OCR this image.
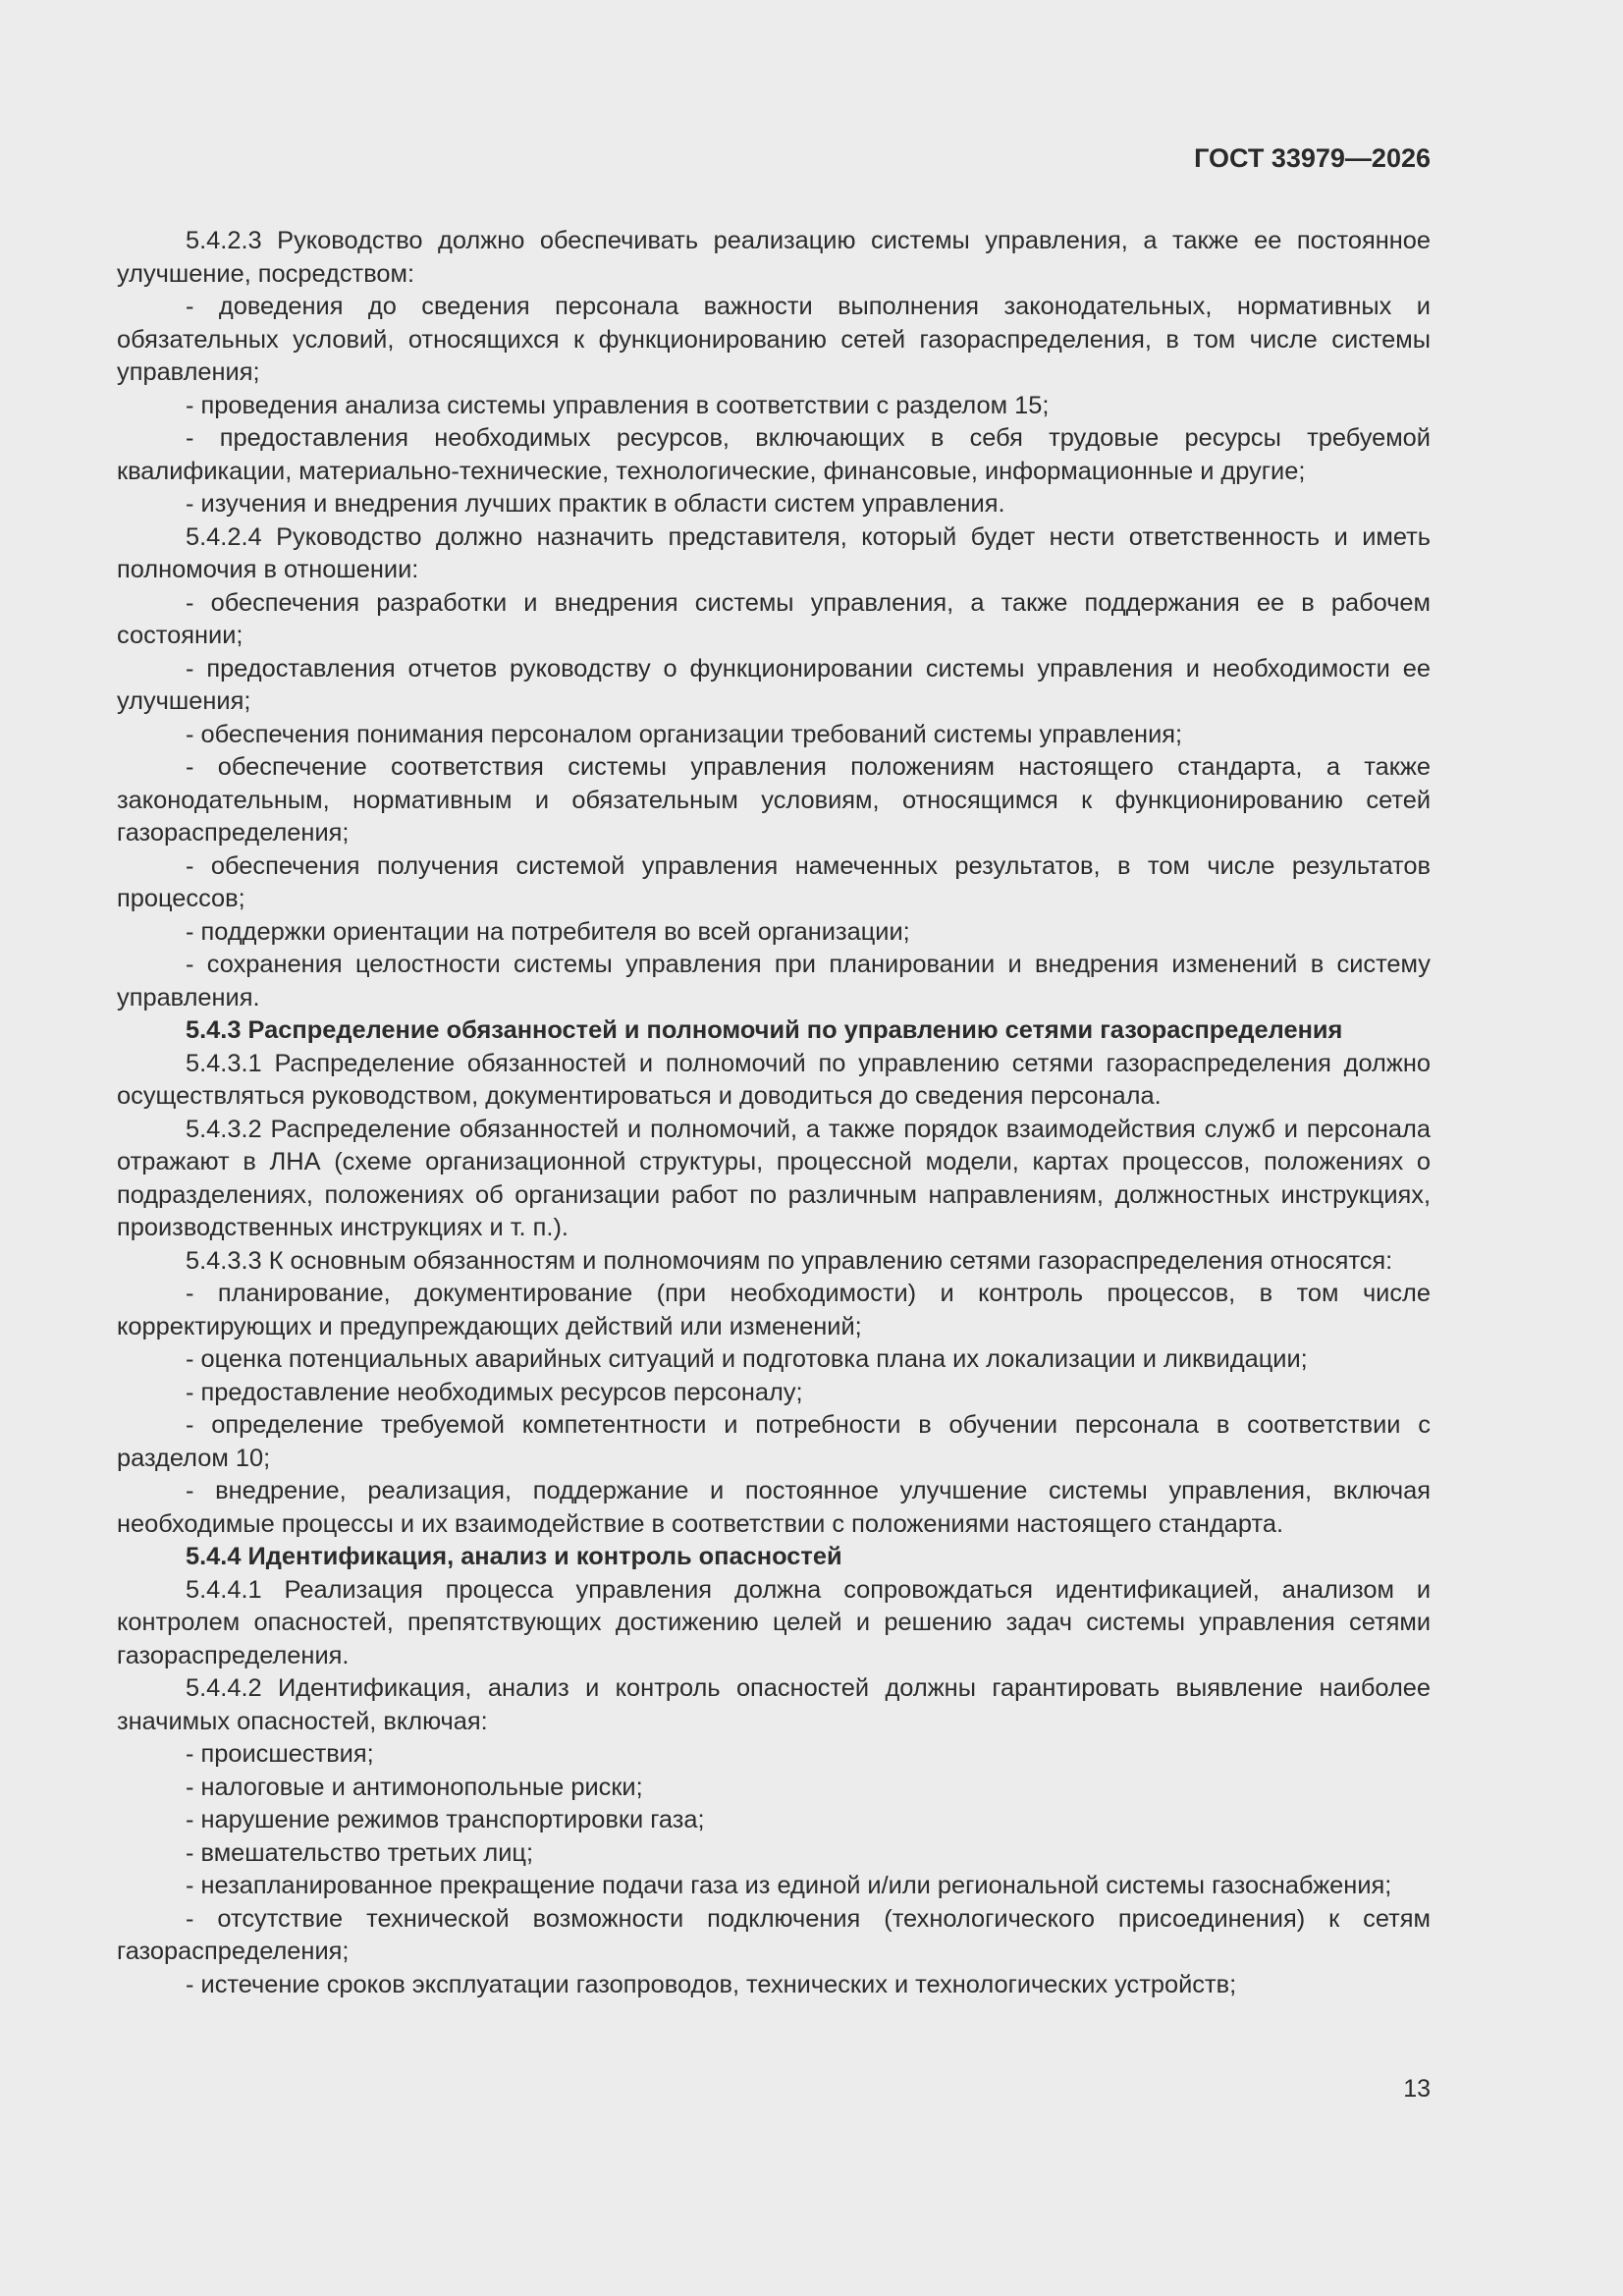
ГОСТ 33979—2026

5.4.2.3 Руководство должно обеспечивать реализацию системы управления, а также ее постоянное улучшение, посредством:

- доведения до сведения персонала важности выполнения законодательных, нормативных и обязательных условий, относящихся к функционированию сетей газораспределения, в том числе системы управления;

- проведения анализа системы управления в соответствии с разделом 15;

- предоставления необходимых ресурсов, включающих в себя трудовые ресурсы требуемой квалификации, материально-технические, технологические, финансовые, информационные и другие;

- изучения и внедрения лучших практик в области систем управления.

5.4.2.4 Руководство должно назначить представителя, который будет нести ответственность и иметь полномочия в отношении:

- обеспечения разработки и внедрения системы управления, а также поддержания ее в рабочем состоянии;

- предоставления отчетов руководству о функционировании системы управления и необходимости ее улучшения;

- обеспечения понимания персоналом организации требований системы управления;

- обеспечение соответствия системы управления положениям настоящего стандарта, а также законодательным, нормативным и обязательным условиям, относящимся к функционированию сетей газораспределения;

- обеспечения получения системой управления намеченных результатов, в том числе результатов процессов;

- поддержки ориентации на потребителя во всей организации;

- сохранения целостности системы управления при планировании и внедрения изменений в систему управления.

5.4.3 Распределение обязанностей и полномочий по управлению сетями газораспределения

5.4.3.1 Распределение обязанностей и полномочий по управлению сетями газораспределения должно осуществляться руководством, документироваться и доводиться до сведения персонала.

5.4.3.2 Распределение обязанностей и полномочий, а также порядок взаимодействия служб и персонала отражают в ЛНА (схеме организационной структуры, процессной модели, картах процессов, положениях о подразделениях, положениях об организации работ по различным направлениям, должностных инструкциях, производственных инструкциях и т. п.).

5.4.3.3 К основным обязанностям и полномочиям по управлению сетями газораспределения относятся:

- планирование, документирование (при необходимости) и контроль процессов, в том числе корректирующих и предупреждающих действий или изменений;

- оценка потенциальных аварийных ситуаций и подготовка плана их локализации и ликвидации;

- предоставление необходимых ресурсов персоналу;

- определение требуемой компетентности и потребности в обучении персонала в соответствии с разделом 10;

- внедрение, реализация, поддержание и постоянное улучшение системы управления, включая необходимые процессы и их взаимодействие в соответствии с положениями настоящего стандарта.

5.4.4 Идентификация, анализ и контроль опасностей

5.4.4.1 Реализация процесса управления должна сопровождаться идентификацией, анализом и контролем опасностей, препятствующих достижению целей и решению задач системы управления сетями газораспределения.

5.4.4.2 Идентификация, анализ и контроль опасностей должны гарантировать выявление наиболее значимых опасностей, включая:

- происшествия;

- налоговые и антимонопольные риски;

- нарушение режимов транспортировки газа;

- вмешательство третьих лиц;

- незапланированное прекращение подачи газа из единой и/или региональной системы газоснабжения;

- отсутствие технической возможности подключения (технологического присоединения) к сетям газораспределения;

- истечение сроков эксплуатации газопроводов, технических и технологических устройств;

13
